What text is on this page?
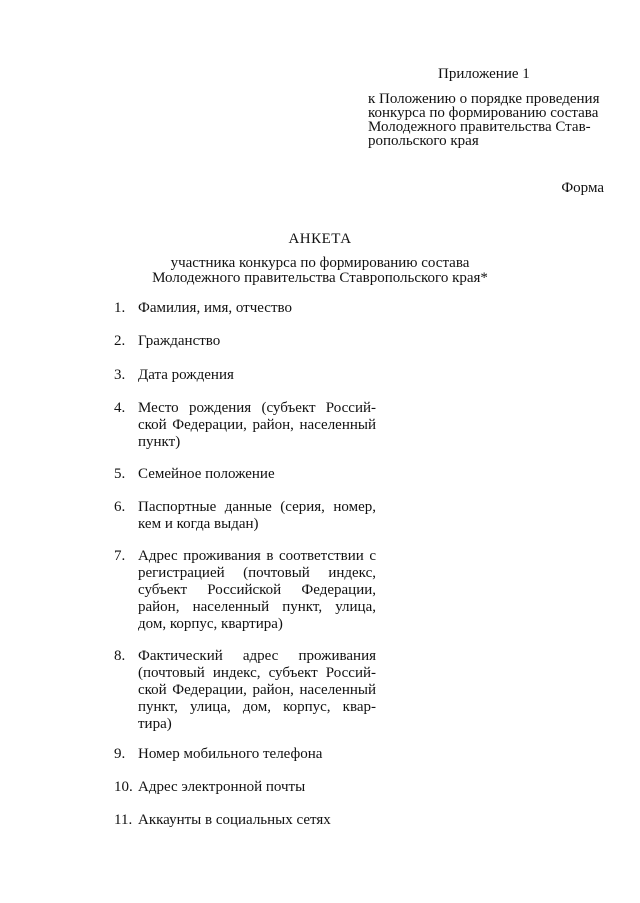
Приложение 1
к Положению о порядке проведения
конкурса по формированию состава
Молодежного правительства Став-
ропольского края
Форма
АНКЕТА
участника конкурса по формированию состава
Молодежного правительства Ставропольского края*
1. Фамилия, имя, отчество
2. Гражданство
3. Дата рождения
4. Место рождения (субъект Россий-
ской Федерации, район, населенный
пункт)
5. Семейное положение
6. Паспортные данные (серия, номер,
кем и когда выдан)
7. Адрес проживания в соответствии с
регистрацией (почтовый индекс,
субъект Российской Федерации,
район, населенный пункт, улица,
дом, корпус, квартира)
8. Фактический адрес проживания
(почтовый индекс, субъект Россий-
ской Федерации, район, населенный
пункт, улица, дом, корпус, квар-
тира)
9. Номер мобильного телефона
10. Адрес электронной почты
11. Аккаунты в социальных сетях
